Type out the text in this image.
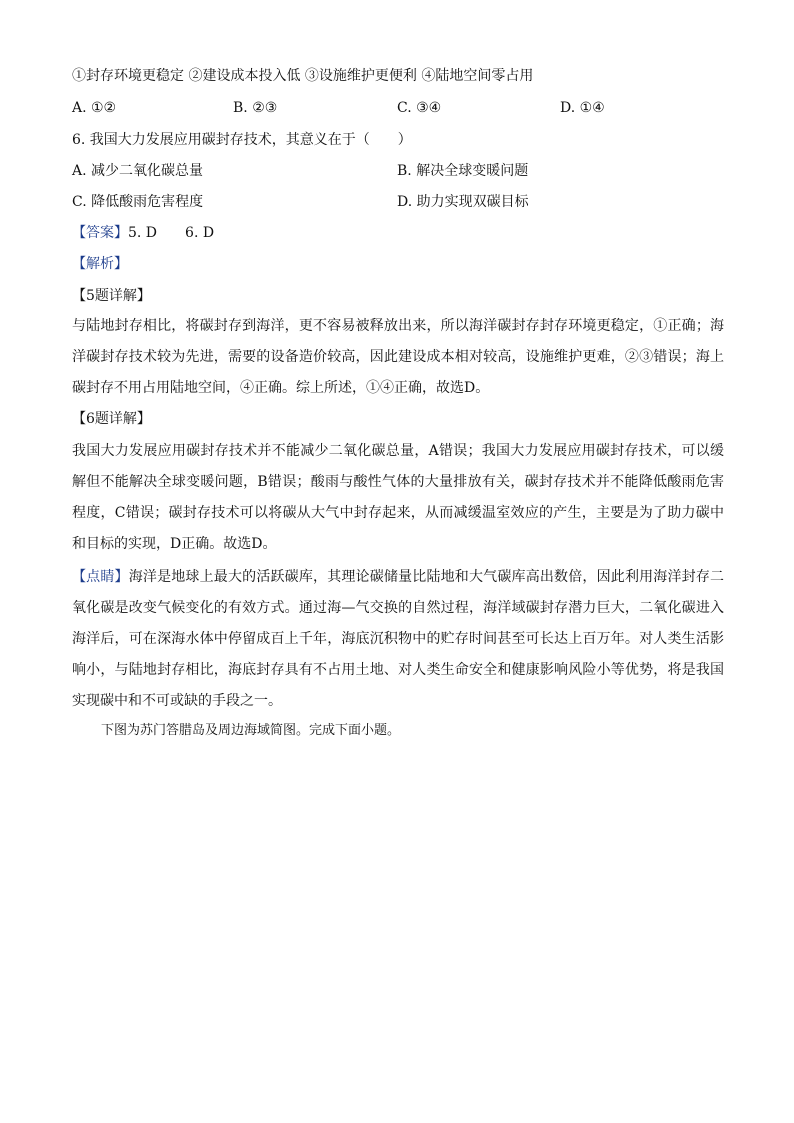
①封存环境更稳定 ②建设成本投入低 ③设施维护更便利 ④陆地空间零占用
A. ①②	B. ②③	C. ③④	D. ①④
6. 我国大力发展应用碳封存技术，其意义在于（　　）
A. 减少二氧化碳总量	B. 解决全球变暖问题
C. 降低酸雨危害程度	D. 助力实现双碳目标
【答案】5. D　　6. D
【解析】
【5题详解】

与陆地封存相比，将碳封存到海洋，更不容易被释放出来，所以海洋碳封存封存环境更稳定，①正确；海洋碳封存技术较为先进，需要的设备造价较高，因此建设成本相对较高，设施维护更难，②③错误；海上碳封存不用占用陆地空间，④正确。综上所述，①④正确，故选D。

【6题详解】

我国大力发展应用碳封存技术并不能减少二氧化碳总量，A错误；我国大力发展应用碳封存技术，可以缓解但不能解决全球变暖问题，B错误；酸雨与酸性气体的大量排放有关，碳封存技术并不能降低酸雨危害程度，C错误；碳封存技术可以将碳从大气中封存起来，从而减缓温室效应的产生，主要是为了助力碳中和目标的实现，D正确。故选D。

【点睛】海洋是地球上最大的活跃碳库，其理论碳储量比陆地和大气碳库高出数倍，因此利用海洋封存二氧化碳是改变气候变化的有效方式。通过海—气交换的自然过程，海洋域碳封存潜力巨大，二氧化碳进入海洋后，可在深海水体中停留成百上千年，海底沉积物中的贮存时间甚至可长达上百万年。对人类生活影响小，与陆地封存相比，海底封存具有不占用土地、对人类生命安全和健康影响风险小等优势，将是我国实现碳中和不可或缺的手段之一。

下图为苏门答腊岛及周边海域简图。完成下面小题。
